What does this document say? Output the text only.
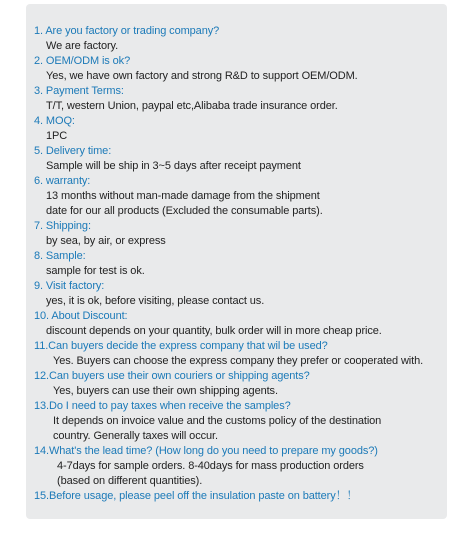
1. Are you factory or trading company?
We are factory.
2. OEM/ODM is ok?
Yes, we have own factory and strong R&D to support OEM/ODM.
3. Payment Terms:
T/T, western Union, paypal etc,Alibaba trade insurance order.
4. MOQ:
1PC
5. Delivery time:
Sample will be ship in 3~5 days after receipt payment
6. warranty:
13 months without man-made damage from the shipment
date for our all products (Excluded the consumable parts).
7. Shipping:
by sea, by air, or express
8. Sample:
sample for test is ok.
9. Visit factory:
yes, it is ok, before visiting, please contact us.
10. About Discount:
discount depends on your quantity, bulk order will in more cheap price.
11.Can buyers decide the express company that wil be used?
Yes. Buyers can choose the express company they prefer or cooperated with.
12.Can buyers use their own couriers or shipping agents?
Yes, buyers can use their own shipping agents.
13.Do I need to pay taxes when receive the samples?
It depends on invoice value and the customs policy of the destination
country. Generally taxes will occur.
14.What's the lead time? (How long do you need to prepare my goods?)
4-7days for sample orders. 8-40days for mass production orders
(based on different quantities).
15.Before usage, please peel off the insulation paste on battery！！
